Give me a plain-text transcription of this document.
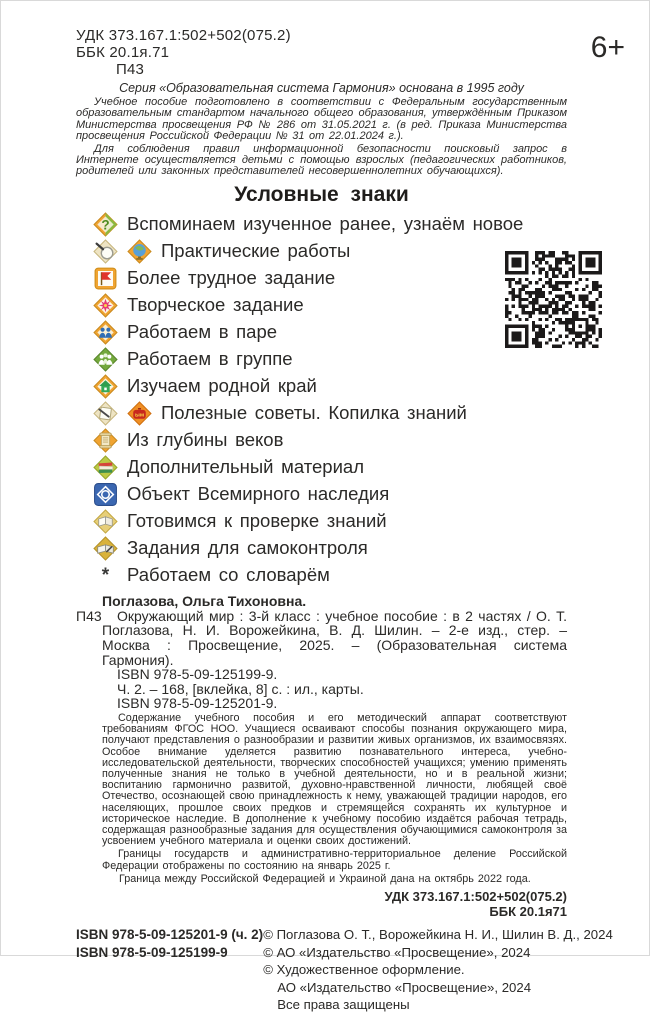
УДК 373.167.1:502+502(075.2)
ББК 20.1я.71
П43
6+
Серия «Образовательная система Гармония» основана в 1995 году

Учебное пособие подготовлено в соответствии с Федеральным государственным образовательным стандартом начального общего образования, утверждённым Приказом Министерства просвещения РФ № 286 от 31.05.2021 г. (в ред. Приказа Министерства просвещения Российской Федерации № 31 от 22.01.2024 г.).

Для соблюдения правил информационной безопасности поисковый запрос в Интернете осуществляется детьми с помощью взрослых (педагогических работников, родителей или законных представителей несовершеннолетних обучающихся).

Условные знаки
? Вспоминаем изученное ранее, узнаём новое
Практические работы
Более трудное задание
Творческое задание
Работаем в паре
Работаем в группе
Изучаем родной край
ым Полезные советы. Копилка знаний
Из глубины веков
Дополнительный материал
Объект Всемирного наследия
Готовимся к проверке знаний
Задания для самоконтроля
* Работаем со словарём

Поглазова, Ольга Тихоновна.

П43 Окружающий мир : 3-й класс : учебное пособие : в 2 частях / О. Т. Поглазова, Н. И. Ворожейкина, В. Д. Шилин. – 2-е изд., стер. – Москва : Просвещение, 2025. – (Образовательная система Гармония).

ISBN 978-5-09-125199-9.

Ч. 2. – 168, [вклейка, 8] с. : ил., карты.

ISBN 978-5-09-125201-9.

Содержание учебного пособия и его методический аппарат соответствуют требованиям ФГОС НОО. Учащиеся осваивают способы познания окружающего мира, получают представления о разнообразии и развитии живых организмов, их взаимосвязях. Особое внимание уделяется развитию познавательного интереса, учебно-исследовательской деятельности, творческих способностей учащихся; умению применять полученные знания не только в учебной деятельности, но и в реальной жизни; воспитанию гармонично развитой, духовно-нравственной личности, любящей своё Отечество, осознающей свою принадлежность к нему, уважающей традиции народов, его населяющих, прошлое своих предков и стремящейся сохранять их культурное и историческое наследие. В дополнение к учебному пособию издаётся рабочая тетрадь, содержащая разнообразные задания для осуществления обучающимися самоконтроля за усвоением учебного материала и оценки своих достижений.

Границы государств и административно-территориальное деление Российской Федерации отображены по состоянию на январь 2025 г.

Граница между Российской Федерацией и Украиной дана на октябрь 2022 года.

УДК 373.167.1:502+502(075.2)
ББК 20.1я71
ISBN 978-5-09-125201-9 (ч. 2)
ISBN 978-5-09-125199-9
© Поглазова О. Т., Ворожейкина Н. И., Шилин В. Д., 2024
© АО «Издательство «Просвещение», 2024
© Художественное оформление.
АО «Издательство «Просвещение», 2024
Все права защищены
